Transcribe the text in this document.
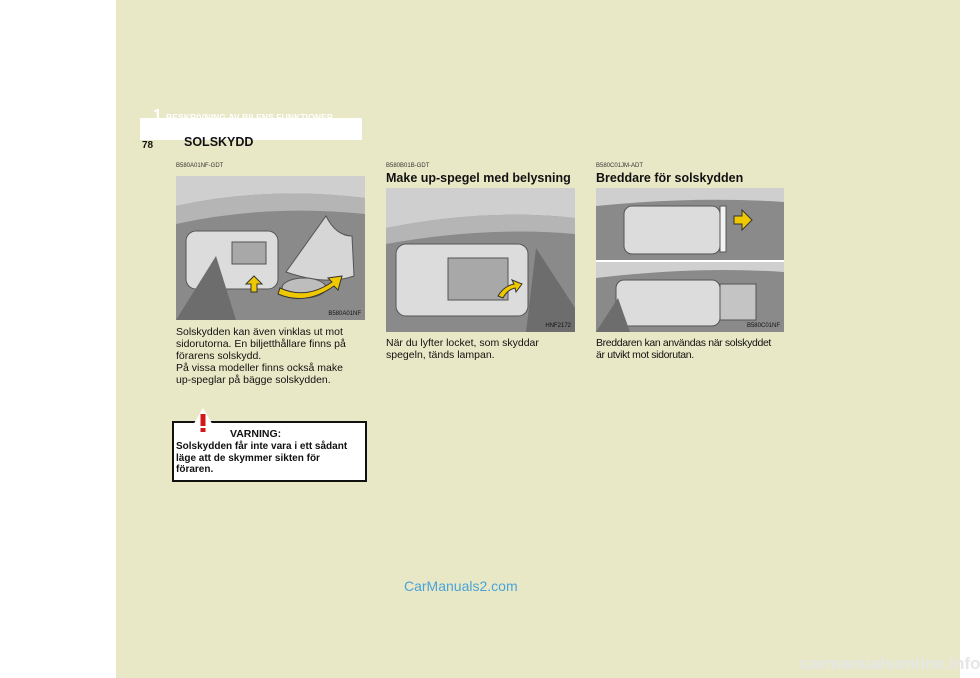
1 BESKRIVNING AV BILENS FUNKTIONER
78 SOLSKYDD
B580A01NF-GDT
B580A01NF
Solskydden kan även vinklas ut mot
sidorutorna. En biljetthållare finns på
förarens solskydd.
På vissa modeller finns också make
up-speglar på bägge solskydden.
VARNING:
Solskydden får inte vara i ett sådant
läge att de skymmer sikten för
föraren.
B580B01B-GDT
Make up-spegel med belysning
HNF2172
När du lyfter locket, som skyddar
spegeln, tänds lampan.
B580C01JM-ADT
Breddare för solskydden
B580C01NF
Breddaren kan användas när solskyddet
är utvikt mot sidorutan.
CarManuals2.com
carmanualsonline.info
